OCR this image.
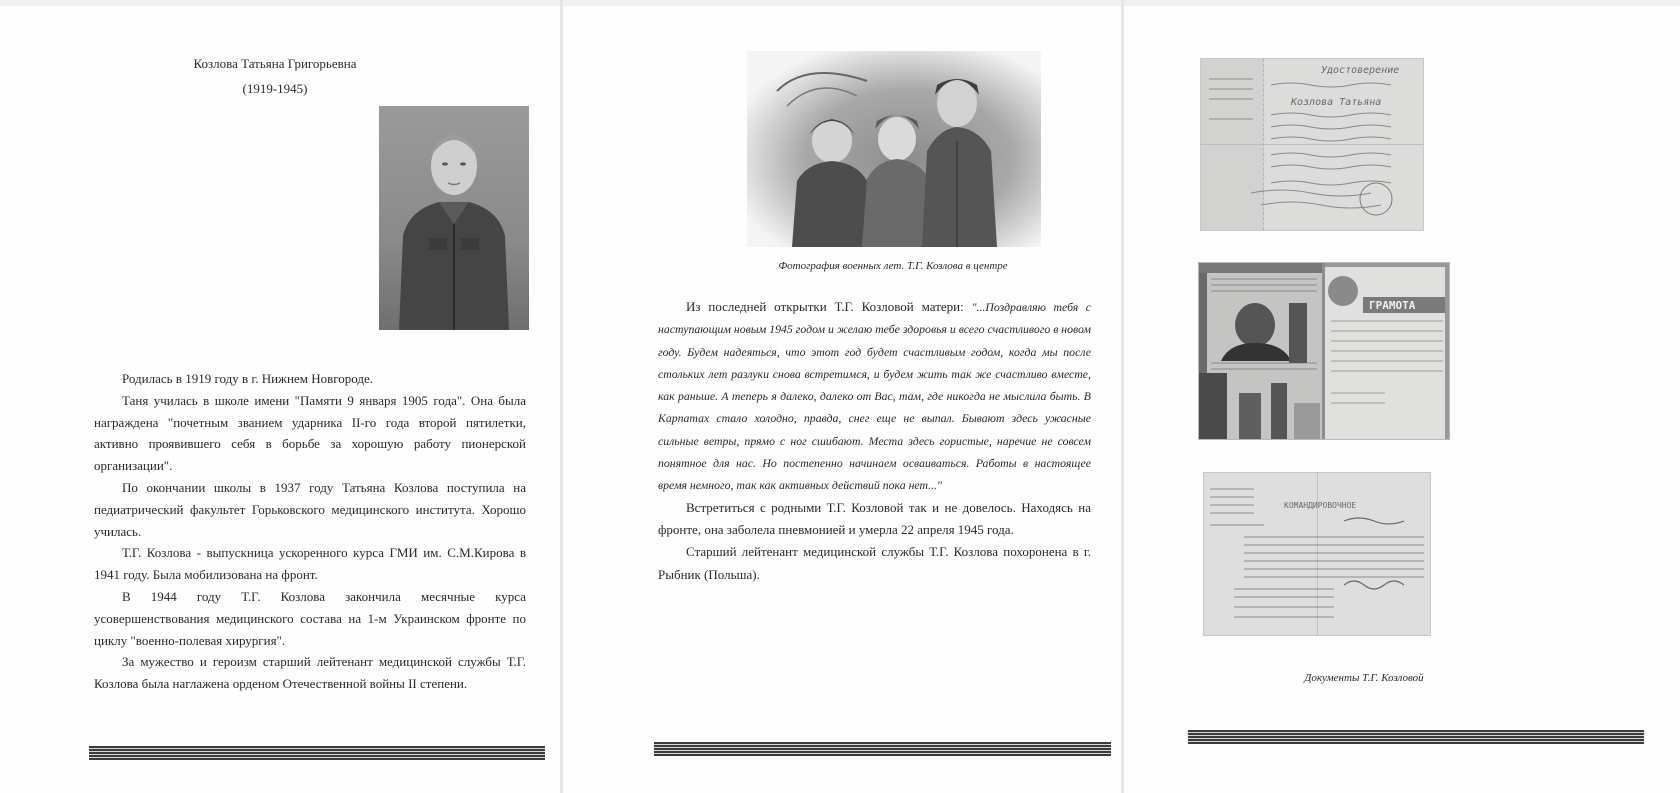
Козлова Татьяна Григорьевна
(1919-1945)

Родилась в 1919 году в г. Нижнем Новгороде.

Таня училась в школе имени "Памяти 9 января 1905 года". Она была награждена "почетным званием ударника II-го года второй пятилетки, активно проявившего себя в борьбе за хорошую работу пионерской организации".

По окончании школы в 1937 году Татьяна Козлова поступила на педиатрический факультет Горьковского медицинского института. Хорошо училась.

Т.Г. Козлова - выпускница ускоренного курса ГМИ им. С.М.Кирова в 1941 году. Была мобилизована на фронт.

В 1944 году Т.Г. Козлова закончила месячные курса усовершенствования медицинского состава на 1-м Украинском фронте по циклу "военно-полевая хирургия".

За мужество и героизм старший лейтенант медицинской службы Т.Г. Козлова была наглажена орденом Отечественной войны II степени.

Фотография военных лет. Т.Г. Козлова в центре

Из последней открытки Т.Г. Козловой матери: "...Поздравляю тебя с наступающим новым 1945 годом и желаю тебе здоровья и всего счастливого в новом году. Будем надеяться, что этот год будет счастливым годом, когда мы после стольких лет разлуки снова встретимся, и будем жить так же счастливо вместе, как раньше. А теперь я далеко, далеко от Вас, там, где никогда не мыслила быть. В Карпатах стало холодно, правда, снег еще не выпал. Бывают здесь ужасные сильные ветры, прямо с ног сшибают. Места здесь гористые, наречие не совсем понятное для нас. Но постепенно начинаем осваиваться. Работы в настоящее время немного, так как активных действий пока нет..."

Встретиться с родными Т.Г. Козловой так и не довелось. Находясь на фронте, она заболела пневмонией и умерла 22 апреля 1945 года.

Старший лейтенант медицинской службы Т.Г. Козлова похоронена в г. Рыбник (Польша).

Удостоверение
Козлова Татьяна
ГРАМОТА
КОМАНДИРОВОЧНОЕ
Документы Т.Г. Козловой
